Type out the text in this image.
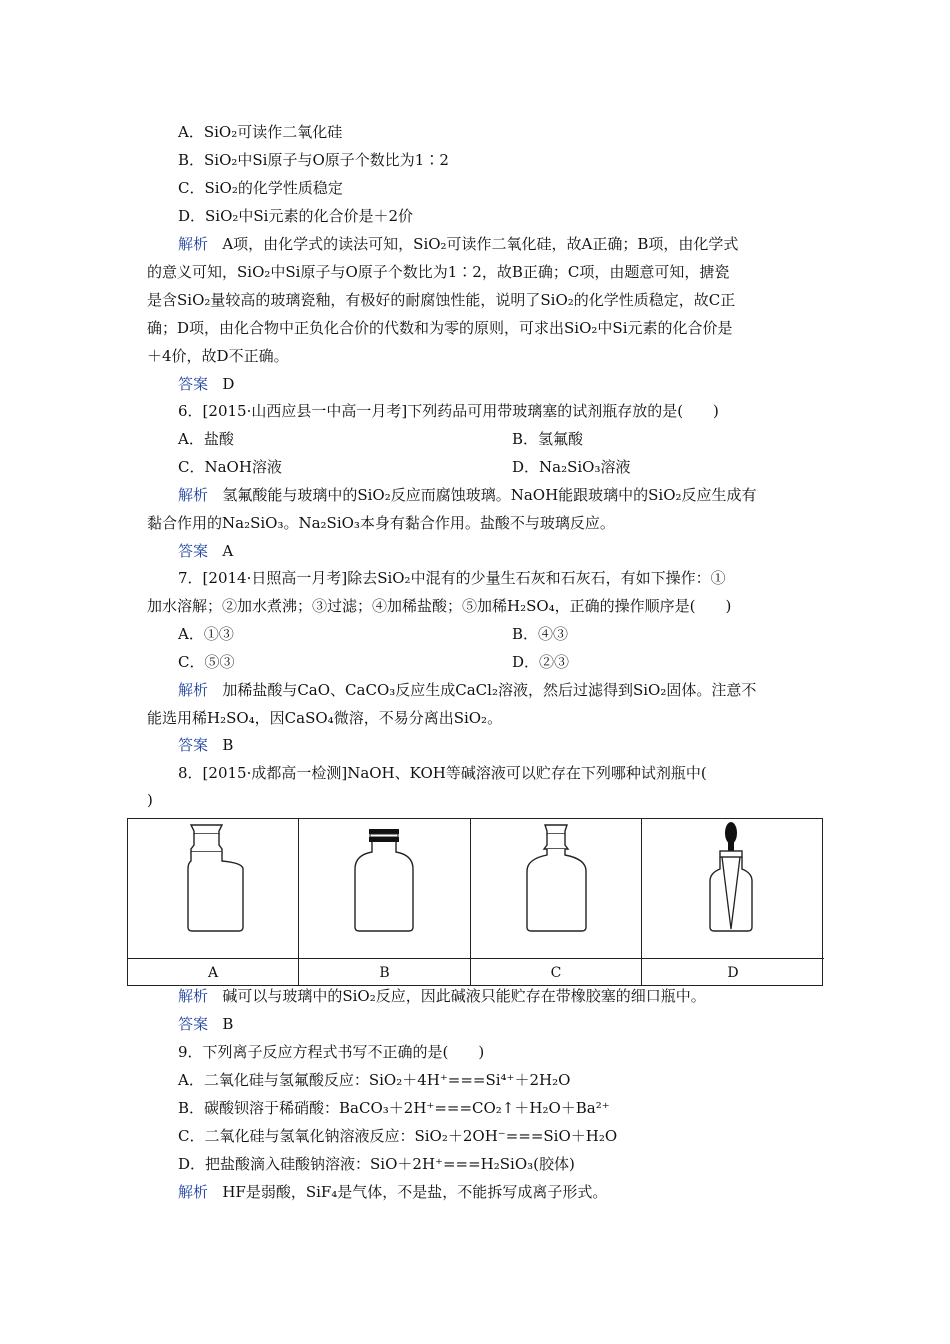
A．SiO₂可读作二氧化硅
B．SiO₂中Si原子与O原子个数比为1∶2
C．SiO₂的化学性质稳定
D．SiO₂中Si元素的化合价是＋2价
解析 A项，由化学式的读法可知，SiO₂可读作二氧化硅，故A正确；B项，由化学式
的意义可知，SiO₂中Si原子与O原子个数比为1∶2，故B正确；C项，由题意可知，搪瓷
是含SiO₂量较高的玻璃瓷釉，有极好的耐腐蚀性能，说明了SiO₂的化学性质稳定，故C正
确；D项，由化合物中正负化合价的代数和为零的原则，可求出SiO₂中Si元素的化合价是
＋4价，故D不正确。
答案 D
6．[2015·山西应县一中高一月考]下列药品可用带玻璃塞的试剂瓶存放的是(　　)
A．盐酸	B．氢氟酸
C．NaOH溶液	D．Na₂SiO₃溶液
解析 氢氟酸能与玻璃中的SiO₂反应而腐蚀玻璃。NaOH能跟玻璃中的SiO₂反应生成有
黏合作用的Na₂SiO₃。Na₂SiO₃本身有黏合作用。盐酸不与玻璃反应。
答案 A
7．[2014·日照高一月考]除去SiO₂中混有的少量生石灰和石灰石，有如下操作：①
加水溶解；②加水煮沸；③过滤；④加稀盐酸；⑤加稀H₂SO₄，正确的操作顺序是(　　)
A．①③	B．④③
C．⑤③	D．②③
解析 加稀盐酸与CaO、CaCO₃反应生成CaCl₂溶液，然后过滤得到SiO₂固体。注意不
能选用稀H₂SO₄，因CaSO₄微溶，不易分离出SiO₂。
答案 B
8．[2015·成都高一检测]NaOH、KOH等碱溶液可以贮存在下列哪种试剂瓶中(
)
A	B	C	D
解析 碱可以与玻璃中的SiO₂反应，因此碱液只能贮存在带橡胶塞的细口瓶中。
答案 B
9．下列离子反应方程式书写不正确的是(　　)
A．二氧化硅与氢氟酸反应：SiO₂＋4H⁺===Si⁴⁺＋2H₂O
B．碳酸钡溶于稀硝酸：BaCO₃＋2H⁺===CO₂↑＋H₂O＋Ba²⁺
C．二氧化硅与氢氧化钠溶液反应：SiO₂＋2OH⁻===SiO＋H₂O
D．把盐酸滴入硅酸钠溶液：SiO＋2H⁺===H₂SiO₃(胶体)
解析 HF是弱酸，SiF₄是气体，不是盐，不能拆写成离子形式。
